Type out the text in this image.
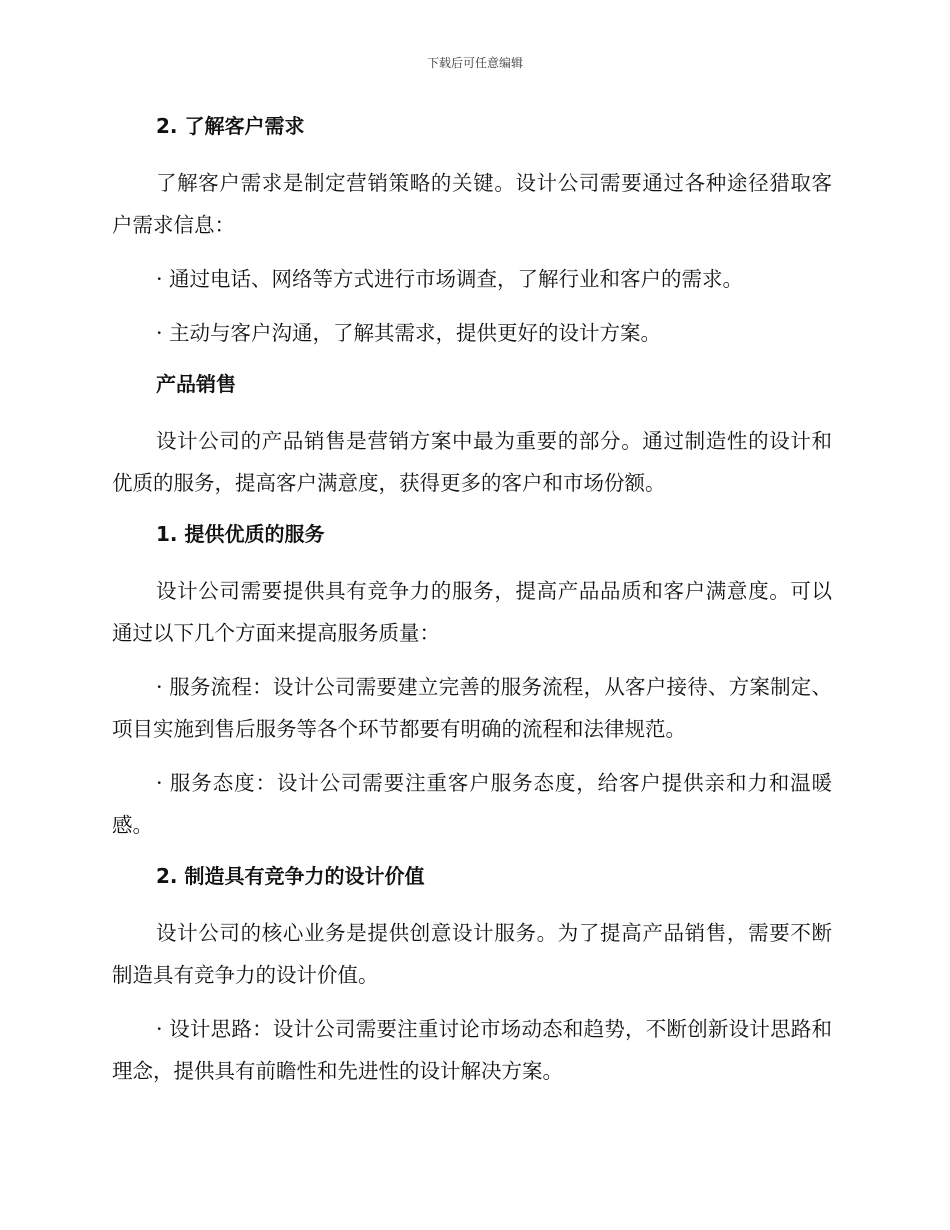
下载后可任意编辑
2. 了解客户需求
了解客户需求是制定营销策略的关键。设计公司需要通过各种途径猎取客户需求信息：
· 通过电话、网络等方式进行市场调查，了解行业和客户的需求。
· 主动与客户沟通，了解其需求，提供更好的设计方案。
产品销售
设计公司的产品销售是营销方案中最为重要的部分。通过制造性的设计和优质的服务，提高客户满意度，获得更多的客户和市场份额。
1. 提供优质的服务
设计公司需要提供具有竞争力的服务，提高产品品质和客户满意度。可以通过以下几个方面来提高服务质量：
· 服务流程：设计公司需要建立完善的服务流程，从客户接待、方案制定、项目实施到售后服务等各个环节都要有明确的流程和法律规范。
· 服务态度：设计公司需要注重客户服务态度，给客户提供亲和力和温暖感。
2. 制造具有竞争力的设计价值
设计公司的核心业务是提供创意设计服务。为了提高产品销售，需要不断制造具有竞争力的设计价值。
· 设计思路：设计公司需要注重讨论市场动态和趋势，不断创新设计思路和理念，提供具有前瞻性和先进性的设计解决方案。
